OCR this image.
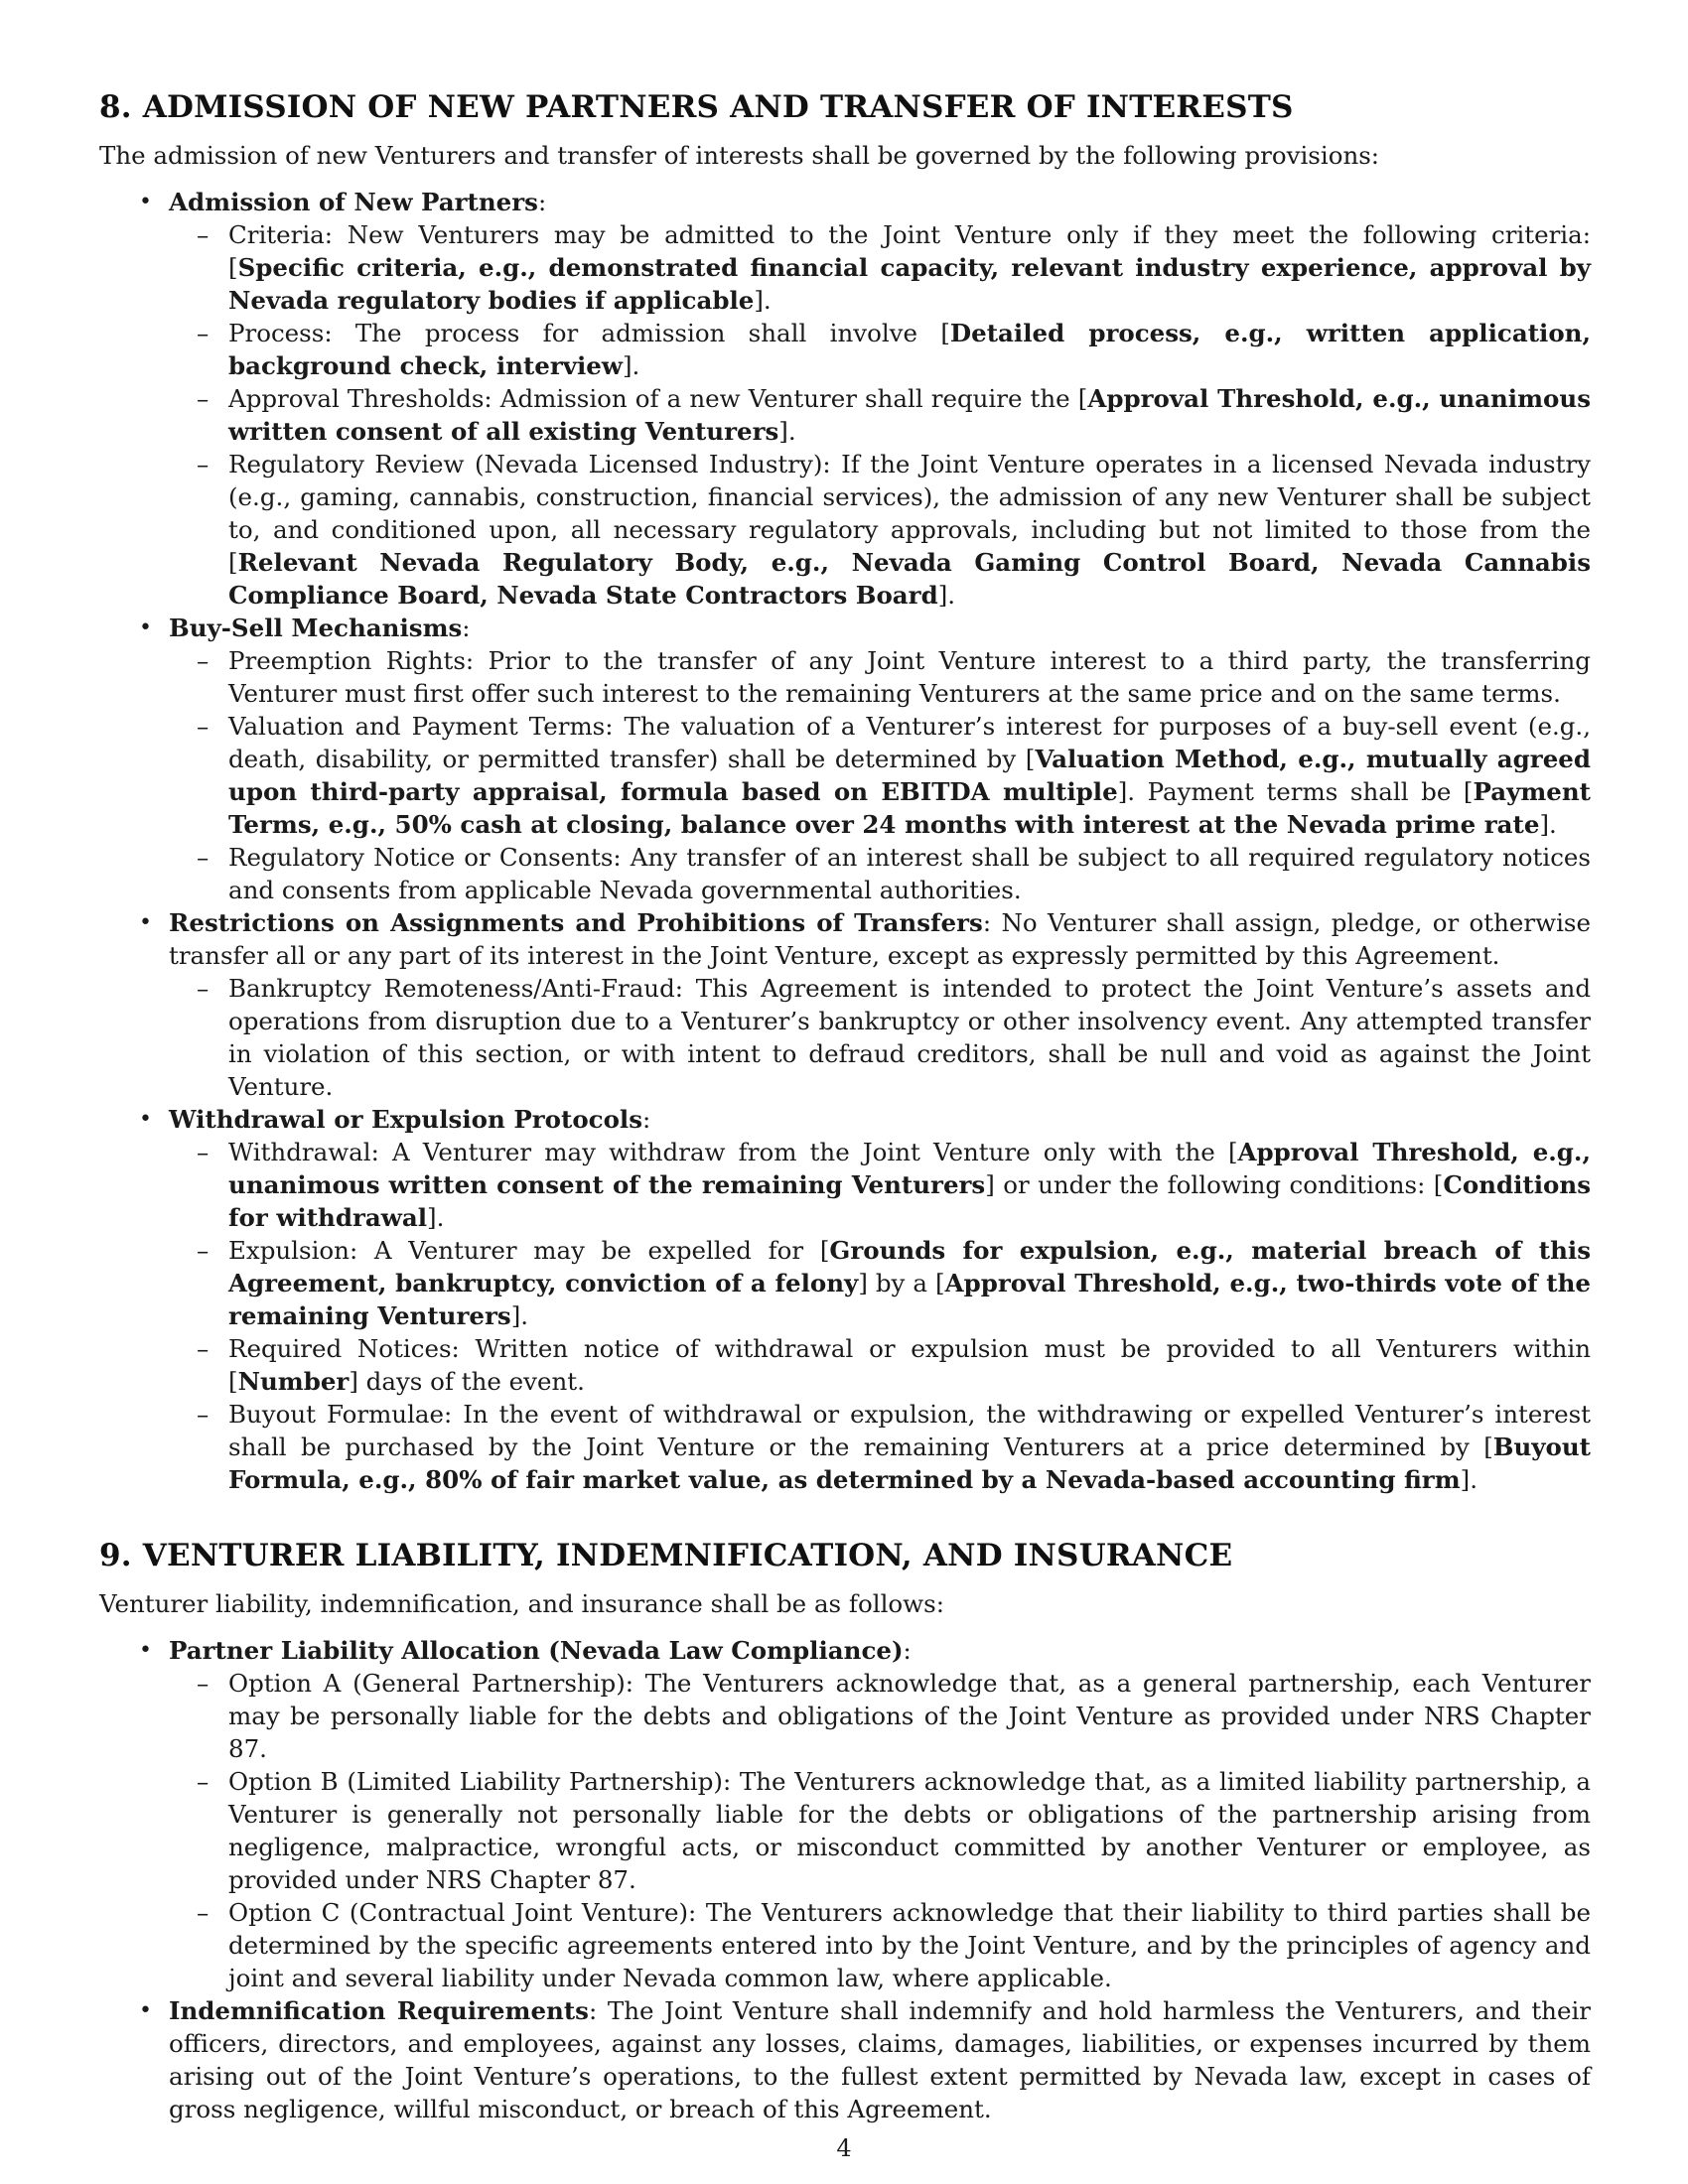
8. ADMISSION OF NEW PARTNERS AND TRANSFER OF INTERESTS
The admission of new Venturers and transfer of interests shall be governed by the following provisions:
• Admission of New Partners:
– Criteria: New Venturers may be admitted to the Joint Venture only if they meet the following criteria: [Specific criteria, e.g., demonstrated financial capacity, relevant industry experience, approval by Nevada regulatory bodies if applicable].
– Process: The process for admission shall involve [Detailed process, e.g., written application, background check, interview].
– Approval Thresholds: Admission of a new Venturer shall require the [Approval Threshold, e.g., unanimous written consent of all existing Venturers].
– Regulatory Review (Nevada Licensed Industry): If the Joint Venture operates in a licensed Nevada industry (e.g., gaming, cannabis, construction, financial services), the admission of any new Venturer shall be subject to, and conditioned upon, all necessary regulatory approvals, including but not limited to those from the [Relevant Nevada Regulatory Body, e.g., Nevada Gaming Control Board, Nevada Cannabis Compliance Board, Nevada State Contractors Board].
• Buy-Sell Mechanisms:
– Preemption Rights: Prior to the transfer of any Joint Venture interest to a third party, the transferring Venturer must first offer such interest to the remaining Venturers at the same price and on the same terms.
– Valuation and Payment Terms: The valuation of a Venturer’s interest for purposes of a buy-sell event (e.g., death, disability, or permitted transfer) shall be determined by [Valuation Method, e.g., mutually agreed upon third-party appraisal, formula based on EBITDA multiple]. Payment terms shall be [Payment Terms, e.g., 50% cash at closing, balance over 24 months with interest at the Nevada prime rate].
– Regulatory Notice or Consents: Any transfer of an interest shall be subject to all required regulatory notices and consents from applicable Nevada governmental authorities.
• Restrictions on Assignments and Prohibitions of Transfers: No Venturer shall assign, pledge, or otherwise transfer all or any part of its interest in the Joint Venture, except as expressly permitted by this Agreement.
– Bankruptcy Remoteness/Anti-Fraud: This Agreement is intended to protect the Joint Venture’s assets and operations from disruption due to a Venturer’s bankruptcy or other insolvency event. Any attempted transfer in violation of this section, or with intent to defraud creditors, shall be null and void as against the Joint Venture.
• Withdrawal or Expulsion Protocols:
– Withdrawal: A Venturer may withdraw from the Joint Venture only with the [Approval Threshold, e.g., unanimous written consent of the remaining Venturers] or under the following conditions: [Conditions for withdrawal].
– Expulsion: A Venturer may be expelled for [Grounds for expulsion, e.g., material breach of this Agreement, bankruptcy, conviction of a felony] by a [Approval Threshold, e.g., two-thirds vote of the remaining Venturers].
– Required Notices: Written notice of withdrawal or expulsion must be provided to all Venturers within [Number] days of the event.
– Buyout Formulae: In the event of withdrawal or expulsion, the withdrawing or expelled Venturer’s interest shall be purchased by the Joint Venture or the remaining Venturers at a price determined by [Buyout Formula, e.g., 80% of fair market value, as determined by a Nevada-based accounting firm].
9. VENTURER LIABILITY, INDEMNIFICATION, AND INSURANCE
Venturer liability, indemnification, and insurance shall be as follows:
• Partner Liability Allocation (Nevada Law Compliance):
– Option A (General Partnership): The Venturers acknowledge that, as a general partnership, each Venturer may be personally liable for the debts and obligations of the Joint Venture as provided under NRS Chapter 87.
– Option B (Limited Liability Partnership): The Venturers acknowledge that, as a limited liability partnership, a Venturer is generally not personally liable for the debts or obligations of the partnership arising from negligence, malpractice, wrongful acts, or misconduct committed by another Venturer or employee, as provided under NRS Chapter 87.
– Option C (Contractual Joint Venture): The Venturers acknowledge that their liability to third parties shall be determined by the specific agreements entered into by the Joint Venture, and by the principles of agency and joint and several liability under Nevada common law, where applicable.
• Indemnification Requirements: The Joint Venture shall indemnify and hold harmless the Venturers, and their officers, directors, and employees, against any losses, claims, damages, liabilities, or expenses incurred by them arising out of the Joint Venture’s operations, to the fullest extent permitted by Nevada law, except in cases of gross negligence, willful misconduct, or breach of this Agreement.
4
